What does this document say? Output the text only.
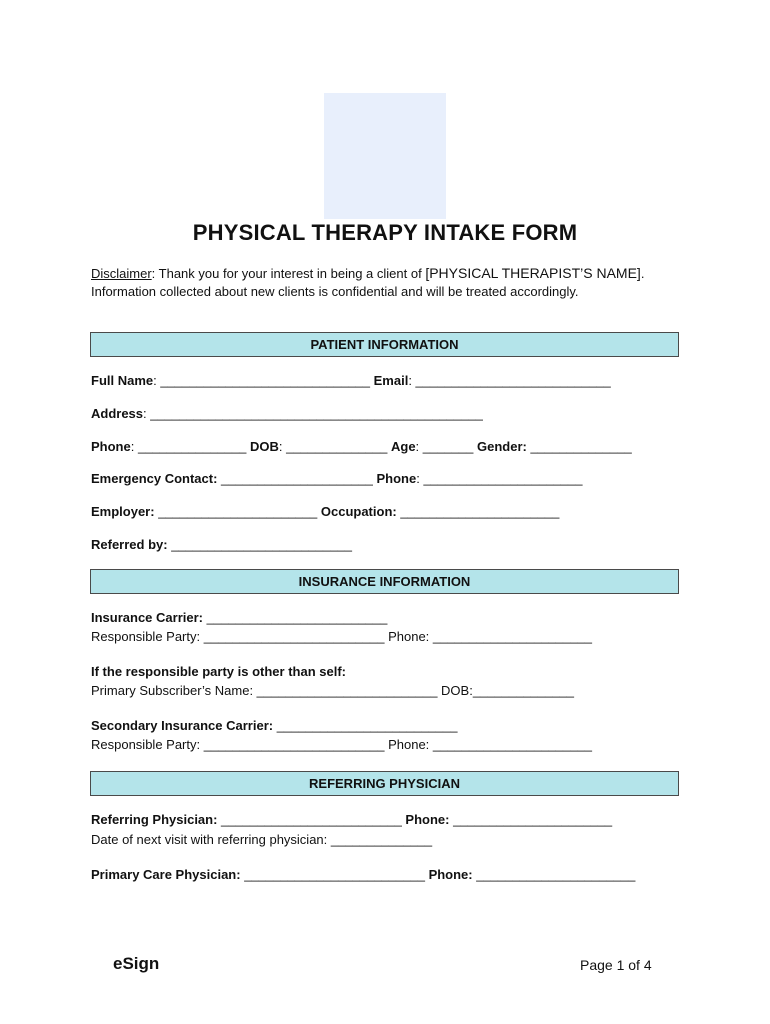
PHYSICAL THERAPY INTAKE FORM
Disclaimer: Thank you for your interest in being a client of [PHYSICAL THERAPIST’S NAME]. Information collected about new clients is confidential and will be treated accordingly.
PATIENT INFORMATION
Full Name: _____________________________ Email: ___________________________
Address: ______________________________________________
Phone: _______________ DOB: ______________ Age: _______ Gender: ______________
Emergency Contact: _____________________ Phone: ______________________
Employer: ______________________ Occupation: ______________________
Referred by: _________________________
INSURANCE INFORMATION
Insurance Carrier: _________________________
Responsible Party: _________________________ Phone: ______________________
If the responsible party is other than self:
Primary Subscriber’s Name: _________________________ DOB:______________
Secondary Insurance Carrier: _________________________
Responsible Party: _________________________ Phone: ______________________
REFERRING PHYSICIAN
Referring Physician: _________________________ Phone: ______________________
Date of next visit with referring physician: ______________
Primary Care Physician: _________________________ Phone: ______________________
eSign	Page 1 of 4
